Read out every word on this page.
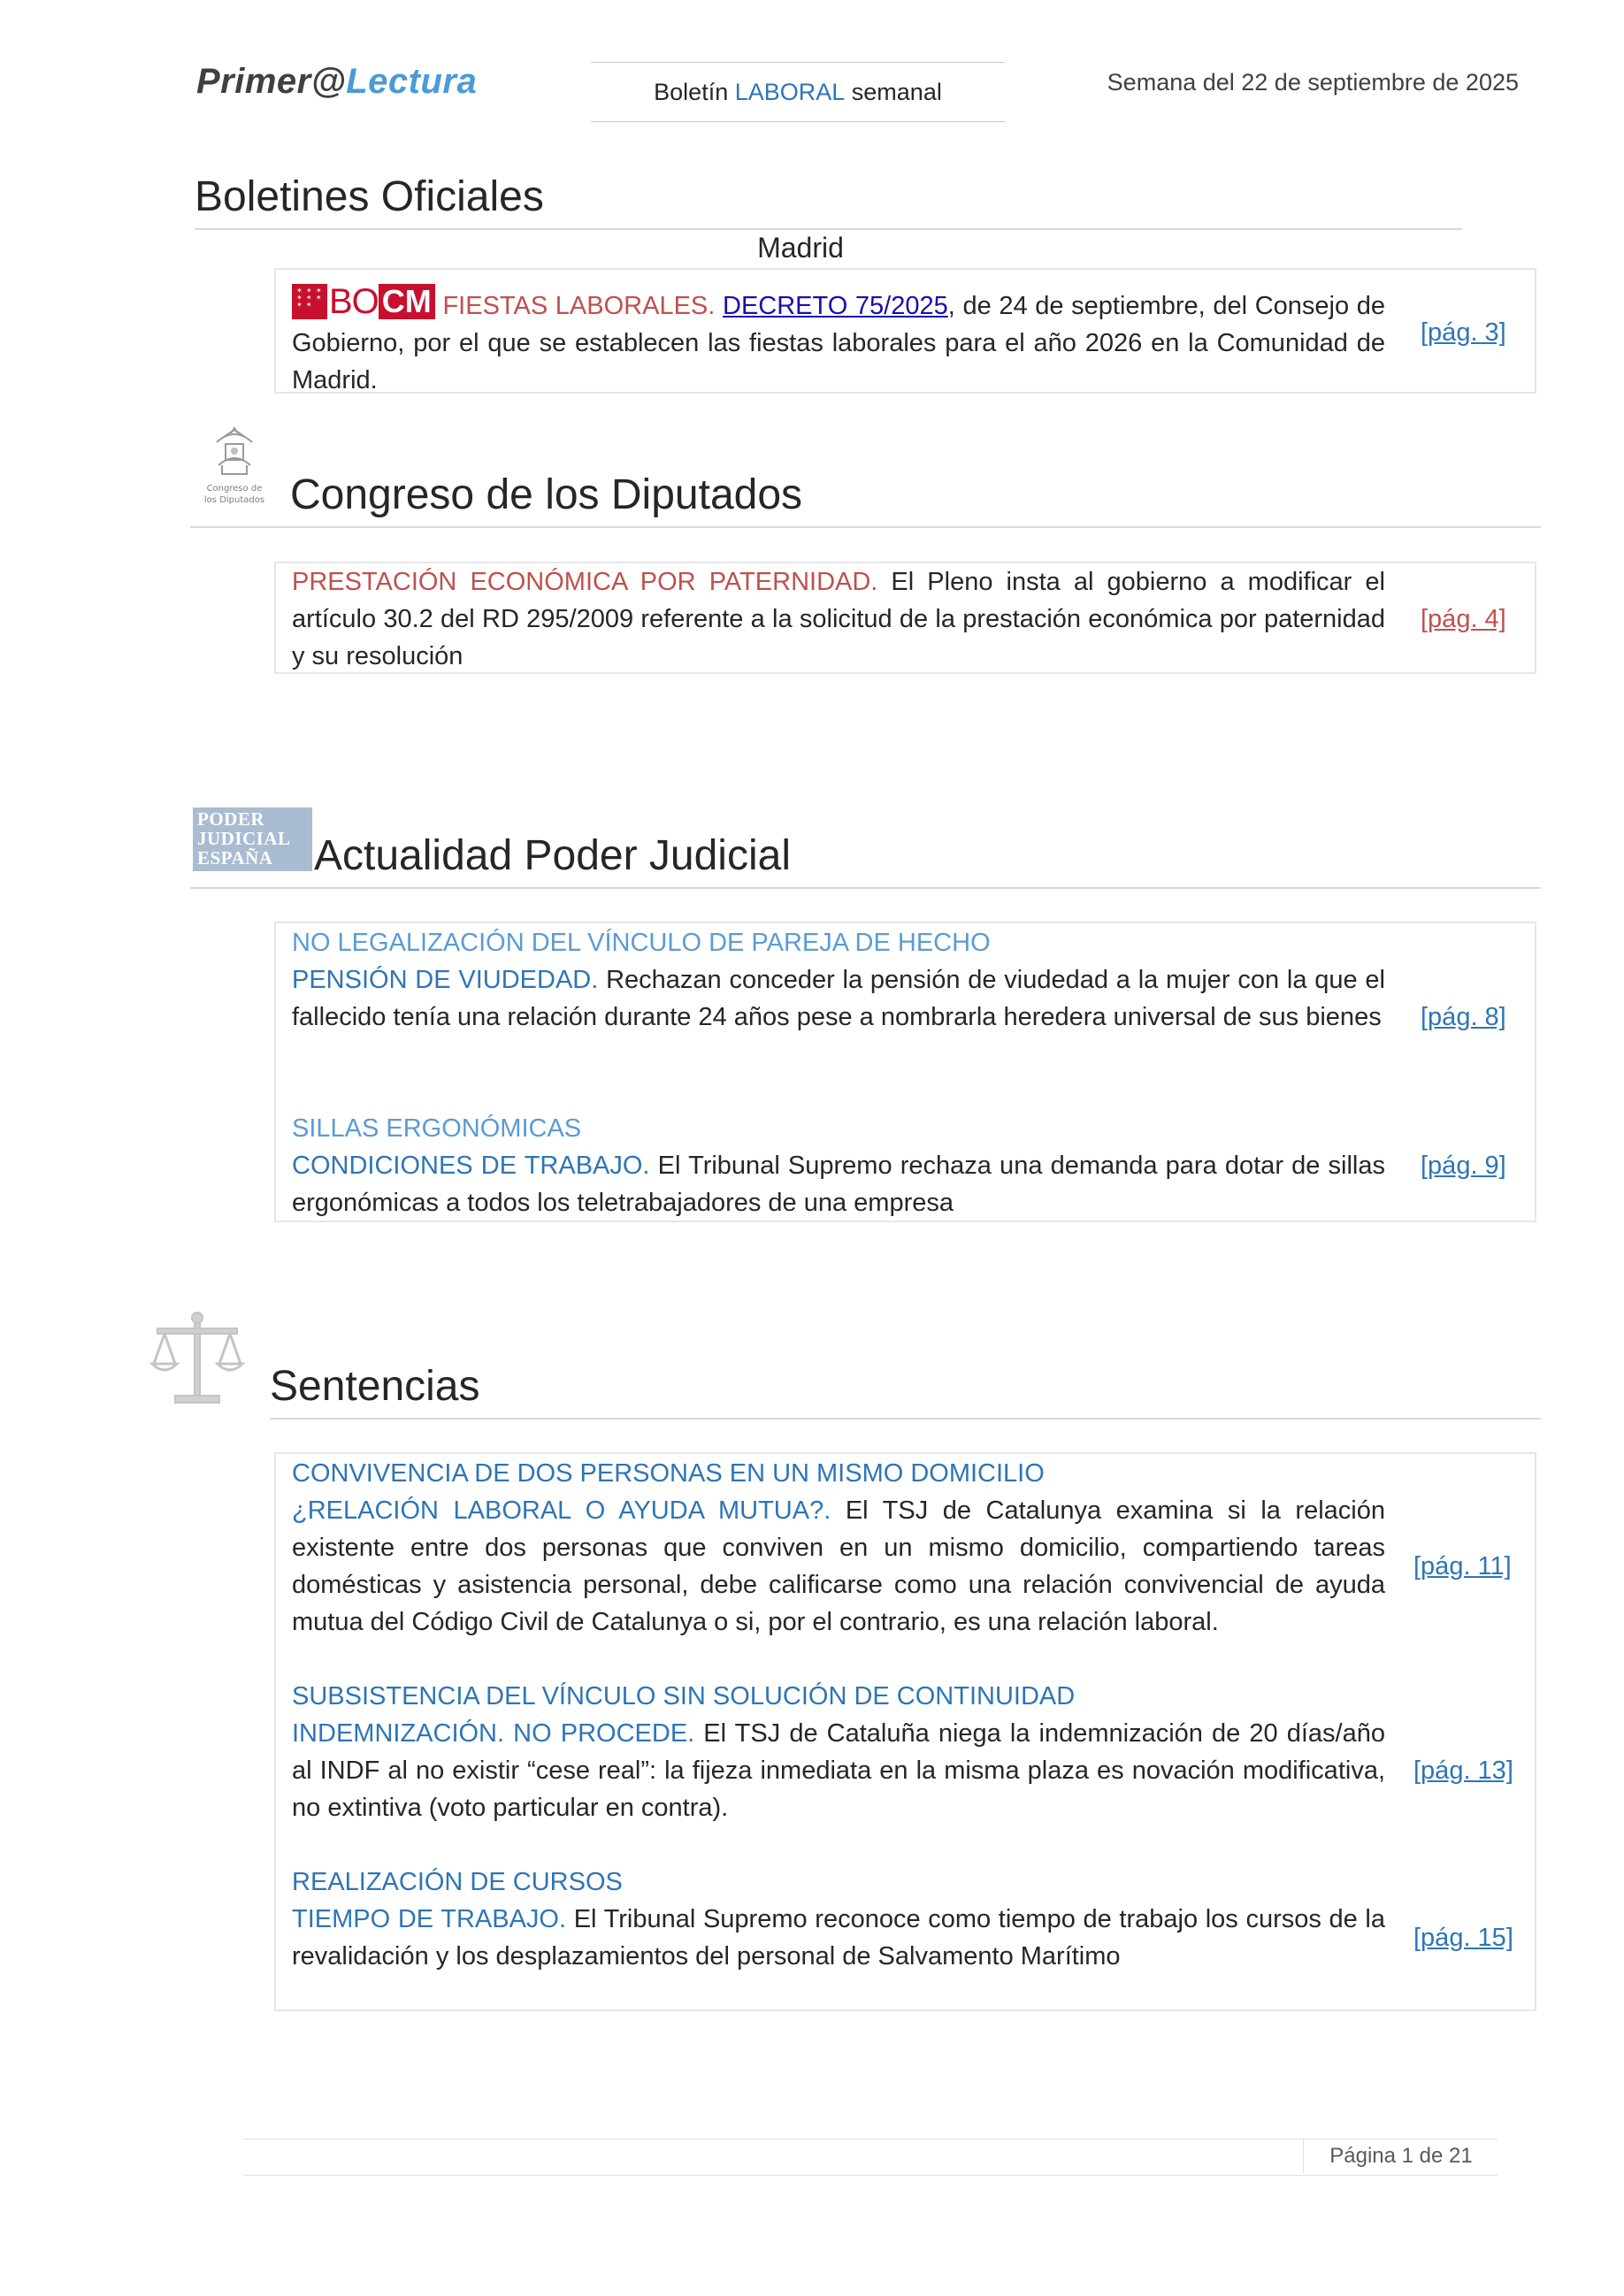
Primer@Lectura	Boletín LABORAL semanal	Semana del 22 de septiembre de 2025
Boletines Oficiales
Madrid
✶ ✶ ✶
✶ ✶ ✶
✶ ✶ BO CM FIESTAS LABORALES. DECRETO 75/2025, de 24 de septiembre, del Consejo de Gobierno, por el que se establecen las fiestas laborales para el año 2026 en la Comunidad de Madrid.
[pág. 3]
Congreso de
los Diputados Congreso de los Diputados
PRESTACIÓN ECONÓMICA POR PATERNIDAD. El Pleno insta al gobierno a modificar el artículo 30.2 del RD 295/2009 referente a la solicitud de la prestación económica por paternidad y su resolución
[pág. 4]
PODER
JUDICIAL
ESPAÑA Actualidad Poder Judicial
NO LEGALIZACIÓN DEL VÍNCULO DE PAREJA DE HECHO
PENSIÓN DE VIUDEDAD. Rechazan conceder la pensión de viudedad a la mujer con la que el fallecido tenía una relación durante 24 años pese a nombrarla heredera universal de sus bienes [pág. 8]
SILLAS ERGONÓMICAS
CONDICIONES DE TRABAJO. El Tribunal Supremo rechaza una demanda para dotar de sillas ergonómicas a todos los teletrabajadores de una empresa
[pág. 9]
Sentencias
CONVIVENCIA DE DOS PERSONAS EN UN MISMO DOMICILIO
¿RELACIÓN LABORAL O AYUDA MUTUA?. El TSJ de Catalunya examina si la relación existente entre dos personas que conviven en un mismo domicilio, compartiendo tareas domésticas y asistencia personal, debe calificarse como una relación convivencial de ayuda mutua del Código Civil de Catalunya o si, por el contrario, es una relación laboral.
[pág. 11]
SUBSISTENCIA DEL VÍNCULO SIN SOLUCIÓN DE CONTINUIDAD
INDEMNIZACIÓN. NO PROCEDE. El TSJ de Cataluña niega la indemnización de 20 días/año al INDF al no existir “cese real”: la fijeza inmediata en la misma plaza es novación modificativa, no extintiva (voto particular en contra).
[pág. 13]
REALIZACIÓN DE CURSOS
TIEMPO DE TRABAJO. El Tribunal Supremo reconoce como tiempo de trabajo los cursos de la revalidación y los desplazamientos del personal de Salvamento Marítimo
[pág. 15]
Página 1 de 21
